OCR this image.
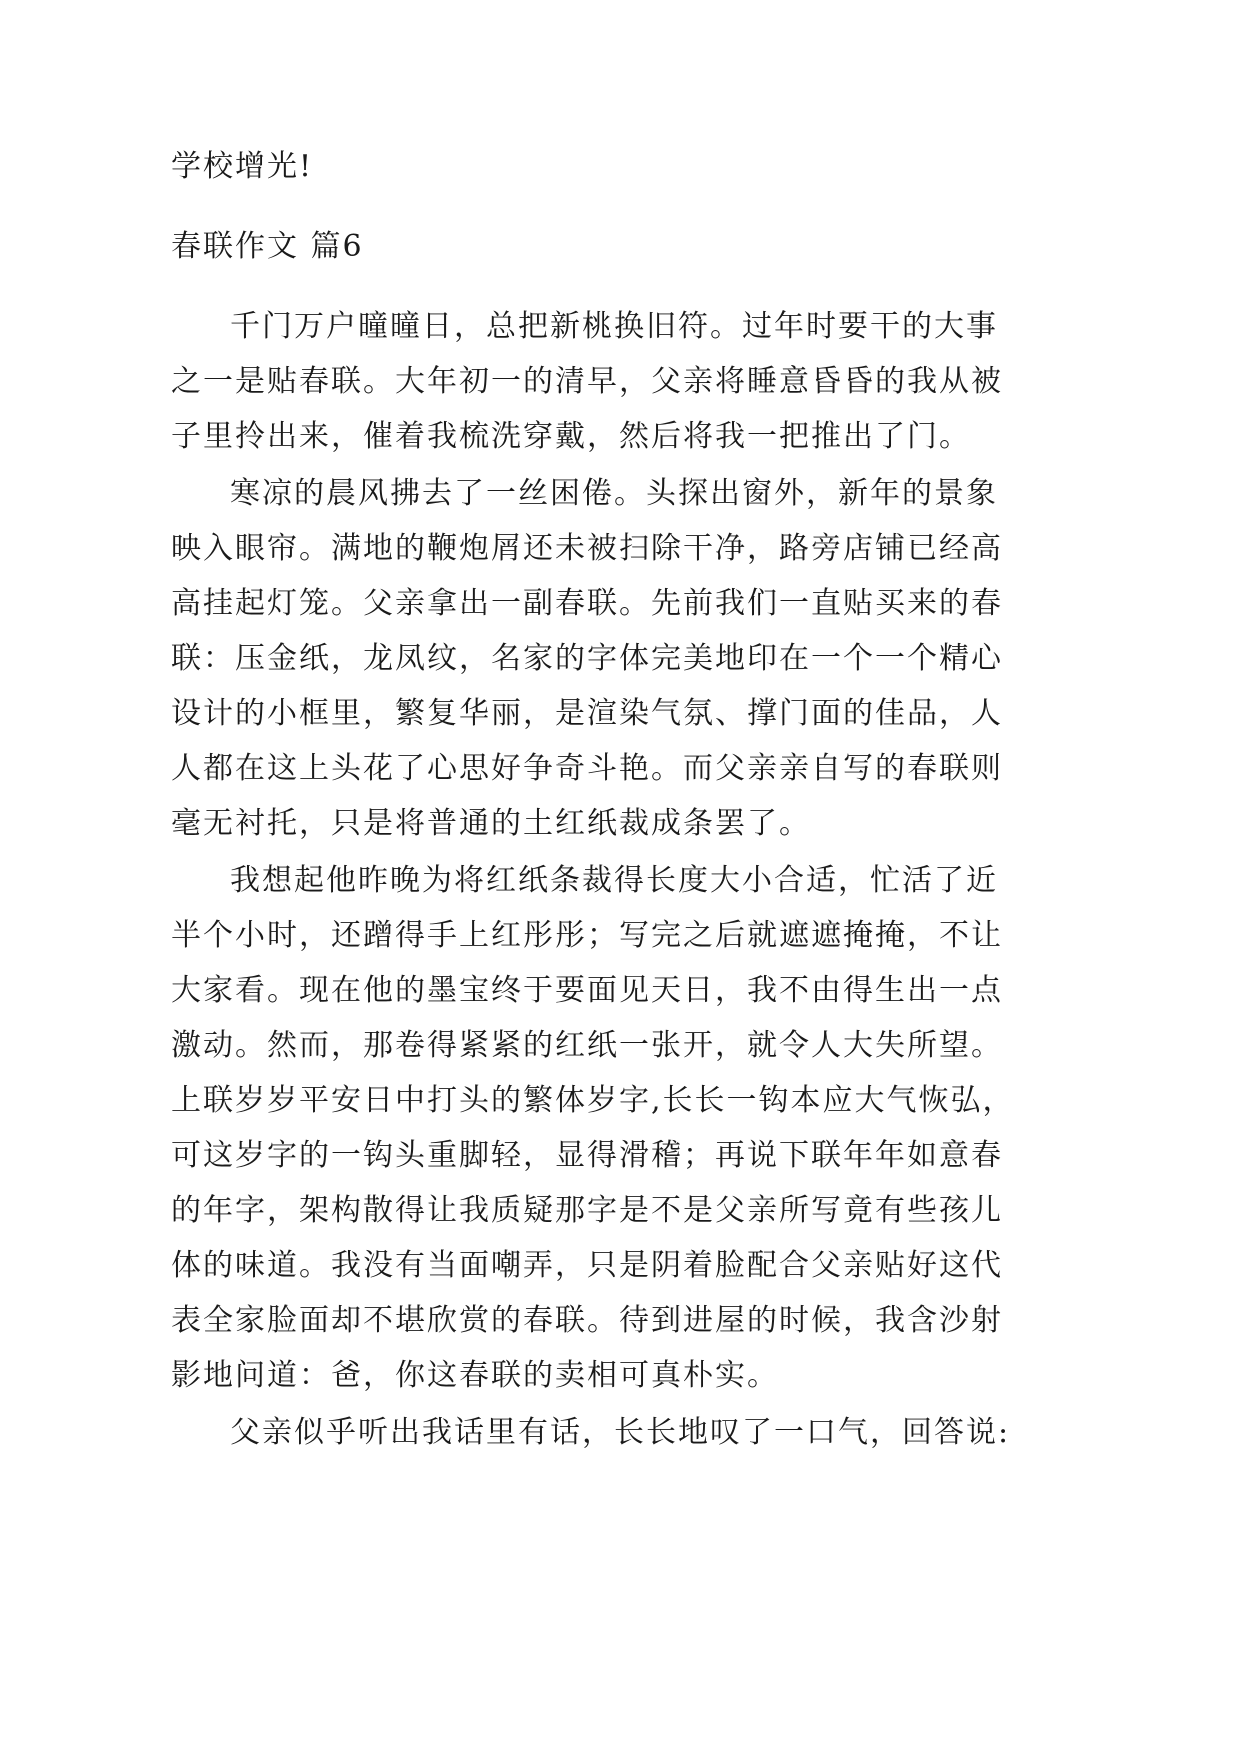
学校增光!
春联作文 篇6
千门万户曈曈日，总把新桃换旧符。过年时要干的大事
之一是贴春联。大年初一的清早，父亲将睡意昏昏的我从被
子里拎出来，催着我梳洗穿戴，然后将我一把推出了门。
寒凉的晨风拂去了一丝困倦。头探出窗外，新年的景象
映入眼帘。满地的鞭炮屑还未被扫除干净，路旁店铺已经高
高挂起灯笼。父亲拿出一副春联。先前我们一直贴买来的春
联：压金纸，龙凤纹，名家的字体完美地印在一个一个精心
设计的小框里，繁复华丽，是渲染气氛、撑门面的佳品，人
人都在这上头花了心思好争奇斗艳。而父亲亲自写的春联则
毫无衬托，只是将普通的土红纸裁成条罢了。
我想起他昨晚为将红纸条裁得长度大小合适，忙活了近
半个小时，还蹭得手上红彤彤；写完之后就遮遮掩掩，不让
大家看。现在他的墨宝终于要面见天日，我不由得生出一点
激动。然而，那卷得紧紧的红纸一张开，就令人大失所望。
上联岁岁平安日中打头的繁体岁字,长长一钩本应大气恢弘，
可这岁字的一钩头重脚轻，显得滑稽；再说下联年年如意春
的年字，架构散得让我质疑那字是不是父亲所写竟有些孩儿
体的味道。我没有当面嘲弄，只是阴着脸配合父亲贴好这代
表全家脸面却不堪欣赏的春联。待到进屋的时候，我含沙射
影地问道：爸，你这春联的卖相可真朴实。
父亲似乎听出我话里有话，长长地叹了一口气，回答说:
